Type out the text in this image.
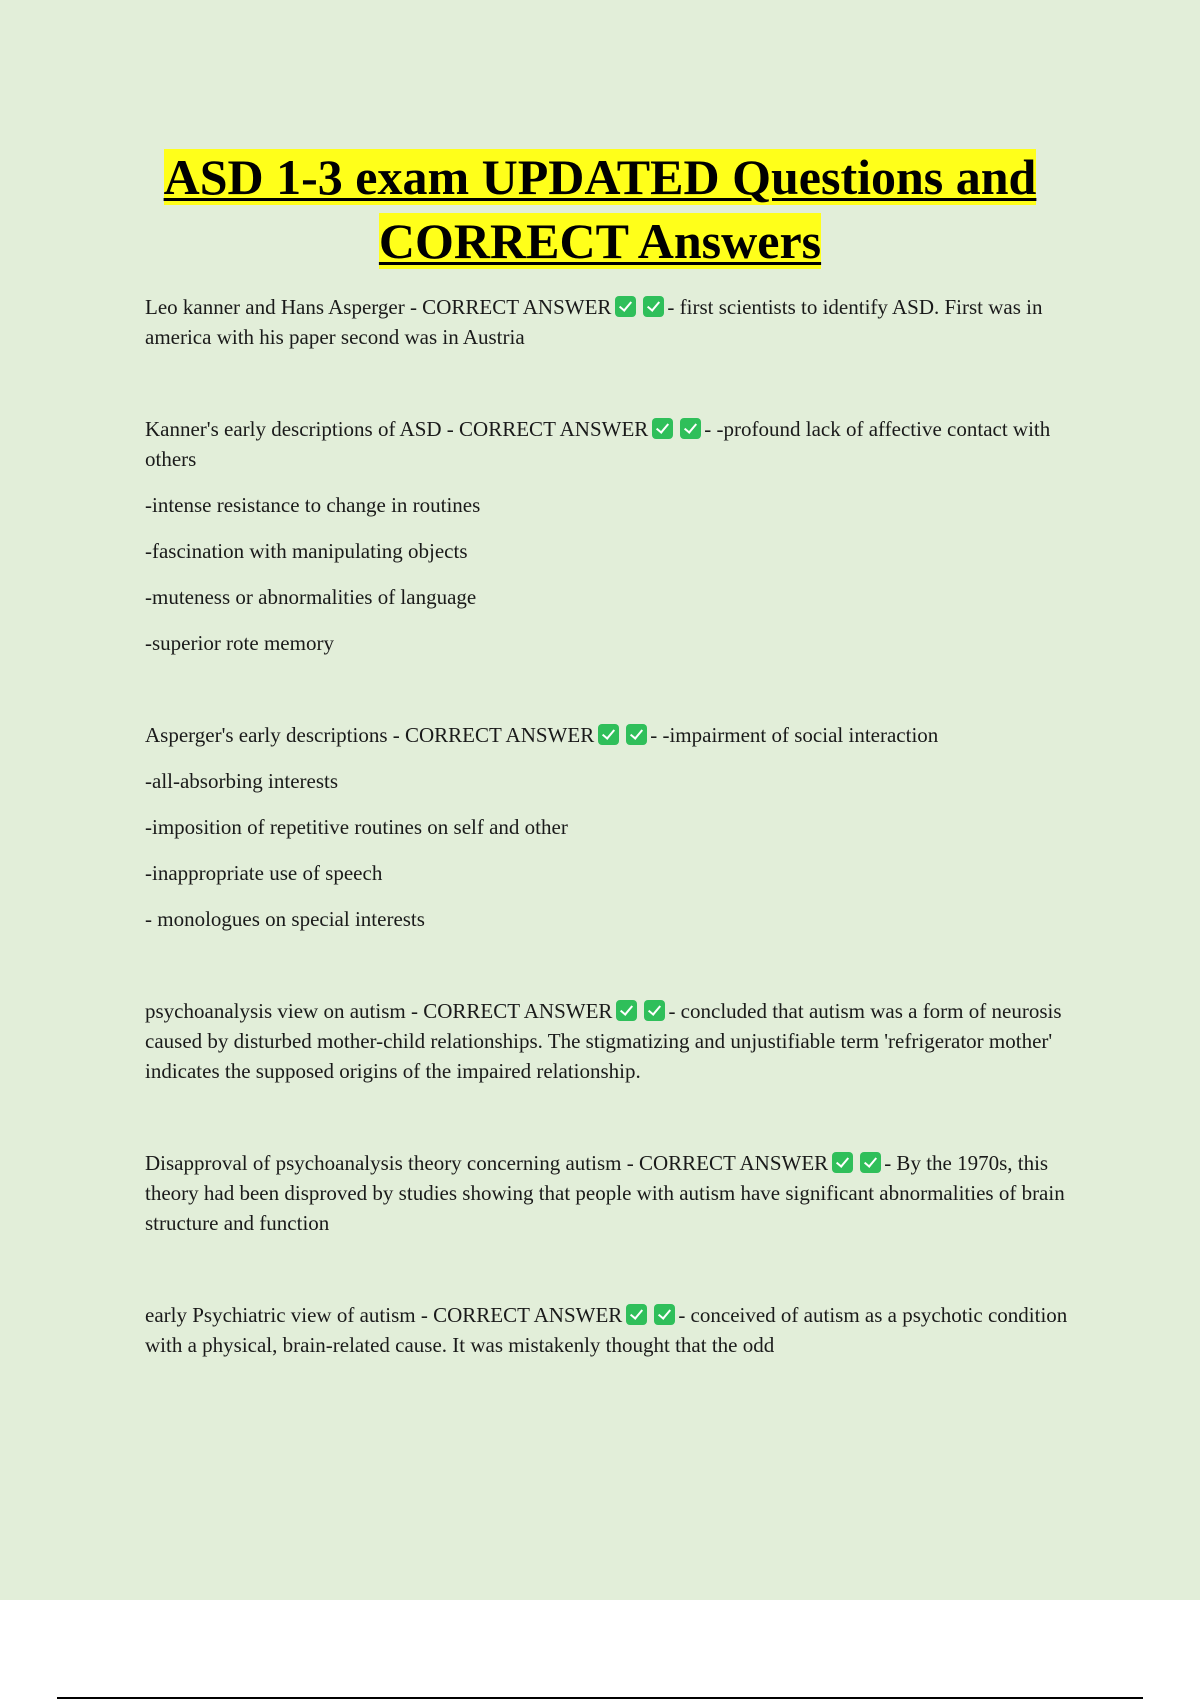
ASD 1-3 exam UPDATED Questions and
CORRECT Answers

Leo kanner and Hans Asperger - CORRECT ANSWER	- first scientists to identify ASD. First was in america with his paper second was in Austria

Kanner's early descriptions of ASD - CORRECT ANSWER	- -profound lack of affective contact with others

-intense resistance to change in routines

-fascination with manipulating objects

-muteness or abnormalities of language

-superior rote memory

Asperger's early descriptions - CORRECT ANSWER	- -impairment of social interaction

-all-absorbing interests

-imposition of repetitive routines on self and other

-inappropriate use of speech

- monologues on special interests

psychoanalysis view on autism - CORRECT ANSWER	- concluded that autism was a form of neurosis caused by disturbed mother-child relationships. The stigmatizing and unjustifiable term 'refrigerator mother' indicates the supposed origins of the impaired relationship.

Disapproval of psychoanalysis theory concerning autism - CORRECT ANSWER	- By the 1970s, this theory had been disproved by studies showing that people with autism have significant abnormalities of brain structure and function

early Psychiatric view of autism - CORRECT ANSWER	- conceived of autism as a psychotic condition with a physical, brain-related cause. It was mistakenly thought that the odd
